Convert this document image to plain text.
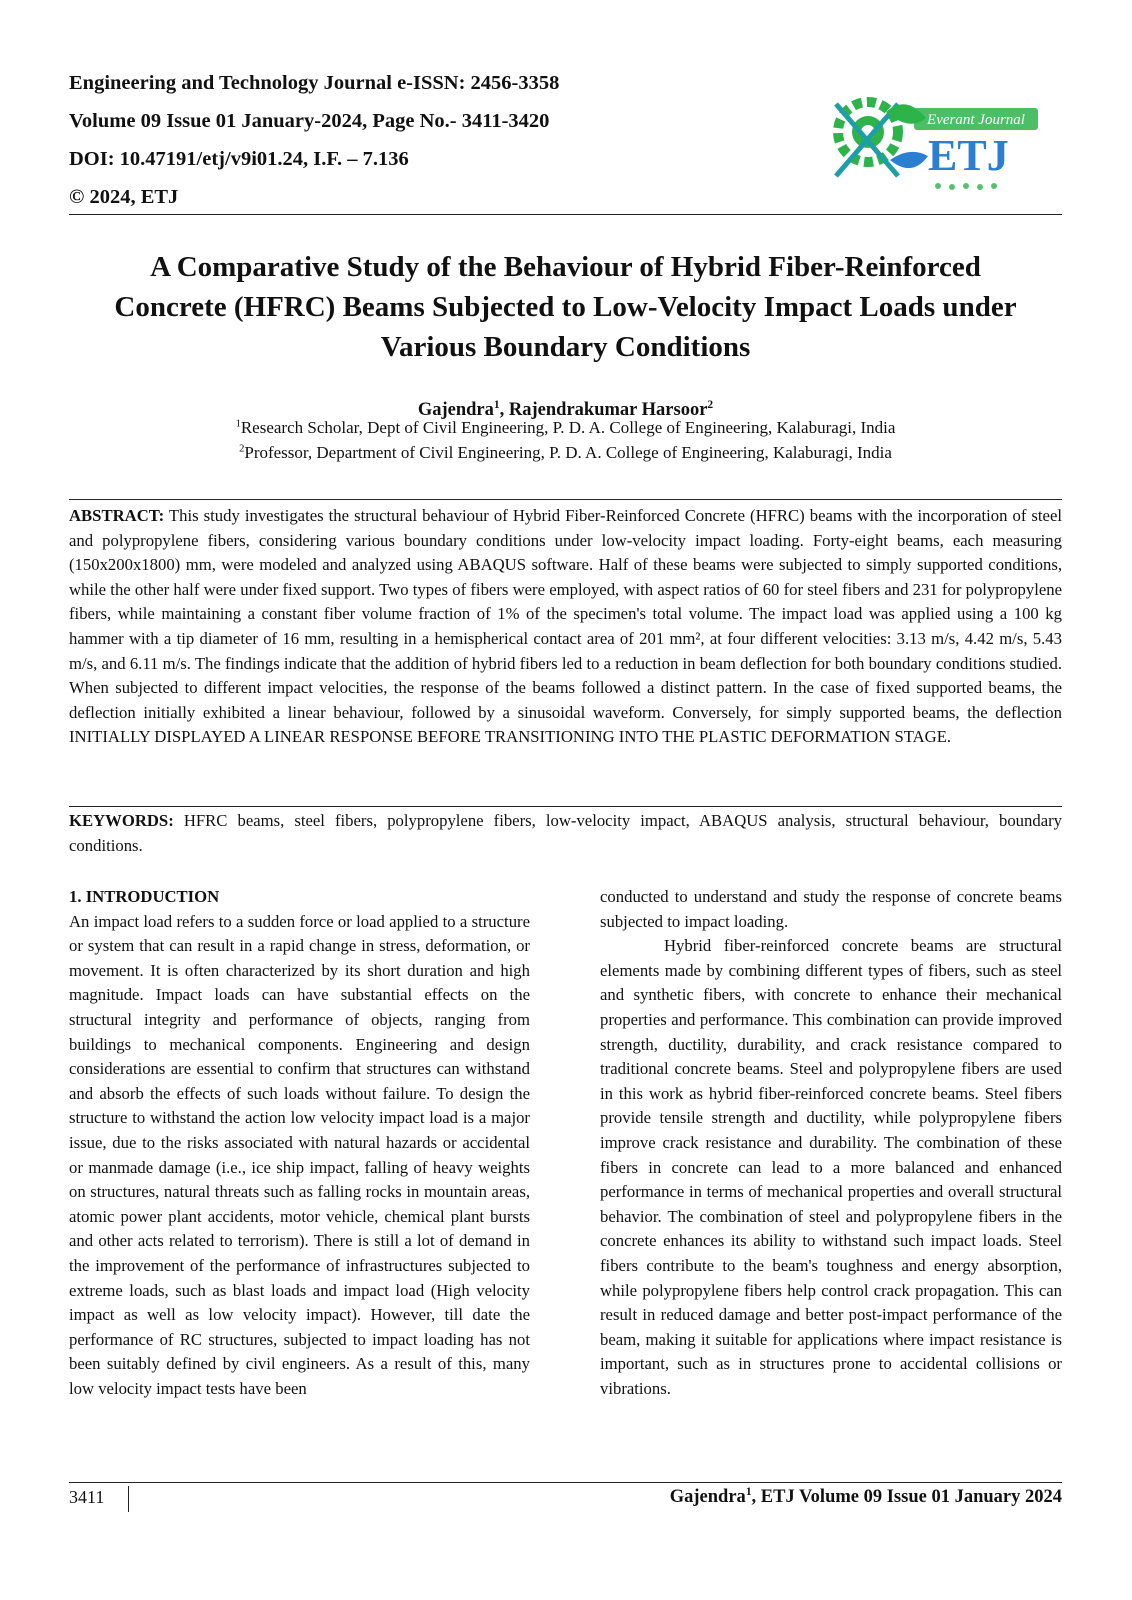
Engineering and Technology Journal e-ISSN: 2456-3358
Volume 09 Issue 01 January-2024, Page No.- 3411-3420
DOI: 10.47191/etj/v9i01.24, I.F. – 7.136
© 2024, ETJ
Everant Journal
ETJ
A Comparative Study of the Behaviour of Hybrid Fiber-Reinforced
Concrete (HFRC) Beams Subjected to Low-Velocity Impact Loads under
Various Boundary Conditions
Gajendra$^1$, Rajendrakumar Harsoor$^2$
$^1$Research Scholar, Dept of Civil Engineering, P. D. A. College of Engineering, Kalaburagi, India
$^2$Professor, Department of Civil Engineering, P. D. A. College of Engineering, Kalaburagi, India
ABSTRACT: This study investigates the structural behaviour of Hybrid Fiber-Reinforced Concrete (HFRC) beams with the incorporation of steel and polypropylene fibers, considering various boundary conditions under low-velocity impact loading. Forty-eight beams, each measuring (150x200x1800) mm, were modeled and analyzed using ABAQUS software. Half of these beams were subjected to simply supported conditions, while the other half were under fixed support. Two types of fibers were employed, with aspect ratios of 60 for steel fibers and 231 for polypropylene fibers, while maintaining a constant fiber volume fraction of 1% of the specimen's total volume. The impact load was applied using a 100 kg hammer with a tip diameter of 16 mm, resulting in a hemispherical contact area of 201 mm², at four different velocities: 3.13 m/s, 4.42 m/s, 5.43 m/s, and 6.11 m/s. The findings indicate that the addition of hybrid fibers led to a reduction in beam deflection for both boundary conditions studied. When subjected to different impact velocities, the response of the beams followed a distinct pattern. In the case of fixed supported beams, the deflection initially exhibited a linear behaviour, followed by a sinusoidal waveform. Conversely, for simply supported beams, the deflection INITIALLY DISPLAYED A LINEAR RESPONSE BEFORE TRANSITIONING INTO THE PLASTIC DEFORMATION STAGE.
KEYWORDS: HFRC beams, steel fibers, polypropylene fibers, low-velocity impact, ABAQUS analysis, structural behaviour, boundary conditions.
1. INTRODUCTION

An impact load refers to a sudden force or load applied to a structure or system that can result in a rapid change in stress, deformation, or movement. It is often characterized by its short duration and high magnitude. Impact loads can have substantial effects on the structural integrity and performance of objects, ranging from buildings to mechanical components. Engineering and design considerations are essential to confirm that structures can withstand and absorb the effects of such loads without failure. To design the structure to withstand the action low velocity impact load is a major issue, due to the risks associated with natural hazards or accidental or manmade damage (i.e., ice ship impact, falling of heavy weights on structures, natural threats such as falling rocks in mountain areas, atomic power plant accidents, motor vehicle, chemical plant bursts and other acts related to terrorism). There is still a lot of demand in the improvement of the performance of infrastructures subjected to extreme loads, such as blast loads and impact load (High velocity impact as well as low velocity impact). However, till date the performance of RC structures, subjected to impact loading has not been suitably defined by civil engineers. As a result of this, many low velocity impact tests have been

conducted to understand and study the response of concrete beams subjected to impact loading.

Hybrid fiber-reinforced concrete beams are structural elements made by combining different types of fibers, such as steel and synthetic fibers, with concrete to enhance their mechanical properties and performance. This combination can provide improved strength, ductility, durability, and crack resistance compared to traditional concrete beams. Steel and polypropylene fibers are used in this work as hybrid fiber-reinforced concrete beams. Steel fibers provide tensile strength and ductility, while polypropylene fibers improve crack resistance and durability. The combination of these fibers in concrete can lead to a more balanced and enhanced performance in terms of mechanical properties and overall structural behavior. The combination of steel and polypropylene fibers in the concrete enhances its ability to withstand such impact loads. Steel fibers contribute to the beam's toughness and energy absorption, while polypropylene fibers help control crack propagation. This can result in reduced damage and better post-impact performance of the beam, making it suitable for applications where impact resistance is important, such as in structures prone to accidental collisions or vibrations.

3411	Gajendra$^1$, ETJ Volume 09 Issue 01 January 2024
